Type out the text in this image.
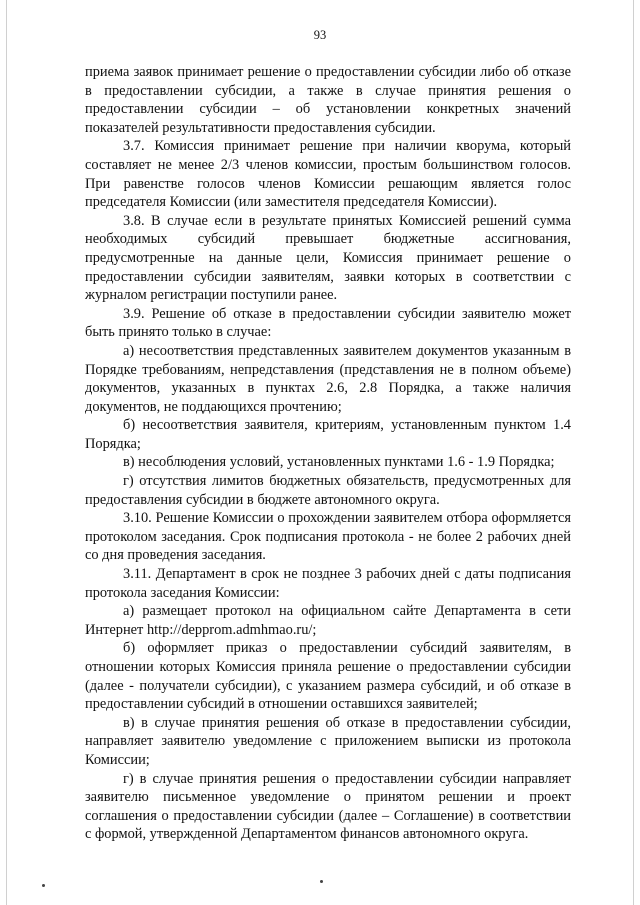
93

приема заявок принимает решение о предоставлении субсидии либо об отказе в предоставлении субсидии, а также в случае принятия решения о предоставлении субсидии – об установлении конкретных значений показателей результативности предоставления субсидии.

3.7. Комиссия принимает решение при наличии кворума, который составляет не менее 2/3 членов комиссии, простым большинством голосов. При равенстве голосов членов Комиссии решающим является голос председателя Комиссии (или заместителя председателя Комиссии).

3.8. В случае если в результате принятых Комиссией решений сумма необходимых субсидий превышает бюджетные ассигнования, предусмотренные на данные цели, Комиссия принимает решение о предоставлении субсидии заявителям, заявки которых в соответствии с журналом регистрации поступили ранее.

3.9. Решение об отказе в предоставлении субсидии заявителю может быть принято только в случае:

а) несоответствия представленных заявителем документов указанным в Порядке требованиям, непредставления (представления не в полном объеме) документов, указанных в пунктах 2.6, 2.8 Порядка, а также наличия документов, не поддающихся прочтению;

б) несоответствия заявителя, критериям, установленным пунктом 1.4 Порядка;

в) несоблюдения условий, установленных пунктами 1.6 - 1.9 Порядка;

г) отсутствия лимитов бюджетных обязательств, предусмотренных для предоставления субсидии в бюджете автономного округа.

3.10. Решение Комиссии о прохождении заявителем отбора оформляется протоколом заседания. Срок подписания протокола - не более 2 рабочих дней со дня проведения заседания.

3.11. Департамент в срок не позднее 3 рабочих дней с даты подписания протокола заседания Комиссии:

а) размещает протокол на официальном сайте Департамента в сети Интернет http://depprom.admhmao.ru/;

б) оформляет приказ о предоставлении субсидий заявителям, в отношении которых Комиссия приняла решение о предоставлении субсидии (далее - получатели субсидии), с указанием размера субсидий, и об отказе в предоставлении субсидий в отношении оставшихся заявителей;

в) в случае принятия решения об отказе в предоставлении субсидии, направляет заявителю уведомление с приложением выписки из протокола Комиссии;

г) в случае принятия решения о предоставлении субсидии направляет заявителю письменное уведомление о принятом решении и проект соглашения о предоставлении субсидии (далее – Соглашение) в соответствии с формой, утвержденной Департаментом финансов автономного округа.
